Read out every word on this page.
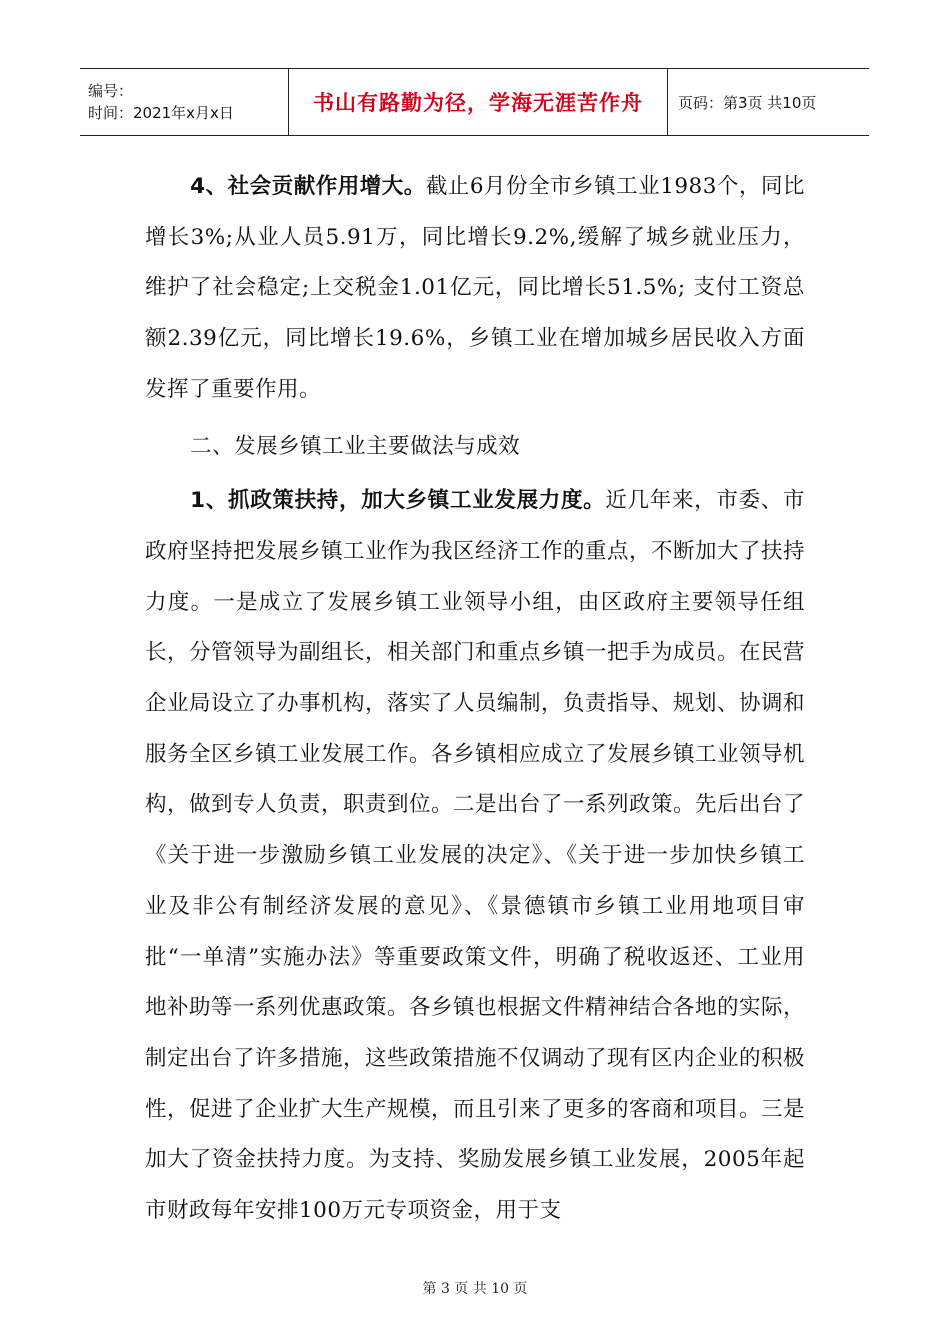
编号：
时间：2021年x月x日	书山有路勤为径，学海无涯苦作舟	页码：第3页 共10页

4、社会贡献作用增大。截止6月份全市乡镇工业1983个，同比增长3%;从业人员5.91万，同比增长9.2%,缓解了城乡就业压力，维护了社会稳定;上交税金1.01亿元，同比增长51.5%; 支付工资总额2.39亿元，同比增长19.6%，乡镇工业在增加城乡居民收入方面发挥了重要作用。

二、发展乡镇工业主要做法与成效

1、抓政策扶持，加大乡镇工业发展力度。近几年来，市委、市政府坚持把发展乡镇工业作为我区经济工作的重点，不断加大了扶持力度。一是成立了发展乡镇工业领导小组，由区政府主要领导任组长，分管领导为副组长，相关部门和重点乡镇一把手为成员。在民营企业局设立了办事机构，落实了人员编制，负责指导、规划、协调和服务全区乡镇工业发展工作。各乡镇相应成立了发展乡镇工业领导机构，做到专人负责，职责到位。二是出台了一系列政策。先后出台了《关于进一步激励乡镇工业发展的决定》、《关于进一步加快乡镇工业及非公有制经济发展的意见》、《景德镇市乡镇工业用地项目审批“一单清”实施办法》等重要政策文件，明确了税收返还、工业用地补助等一系列优惠政策。各乡镇也根据文件精神结合各地的实际，制定出台了许多措施，这些政策措施不仅调动了现有区内企业的积极性，促进了企业扩大生产规模，而且引来了更多的客商和项目。三是加大了资金扶持力度。为支持、奖励发展乡镇工业发展，2005年起市财政每年安排100万元专项资金，用于支

第 3 页 共 10 页
